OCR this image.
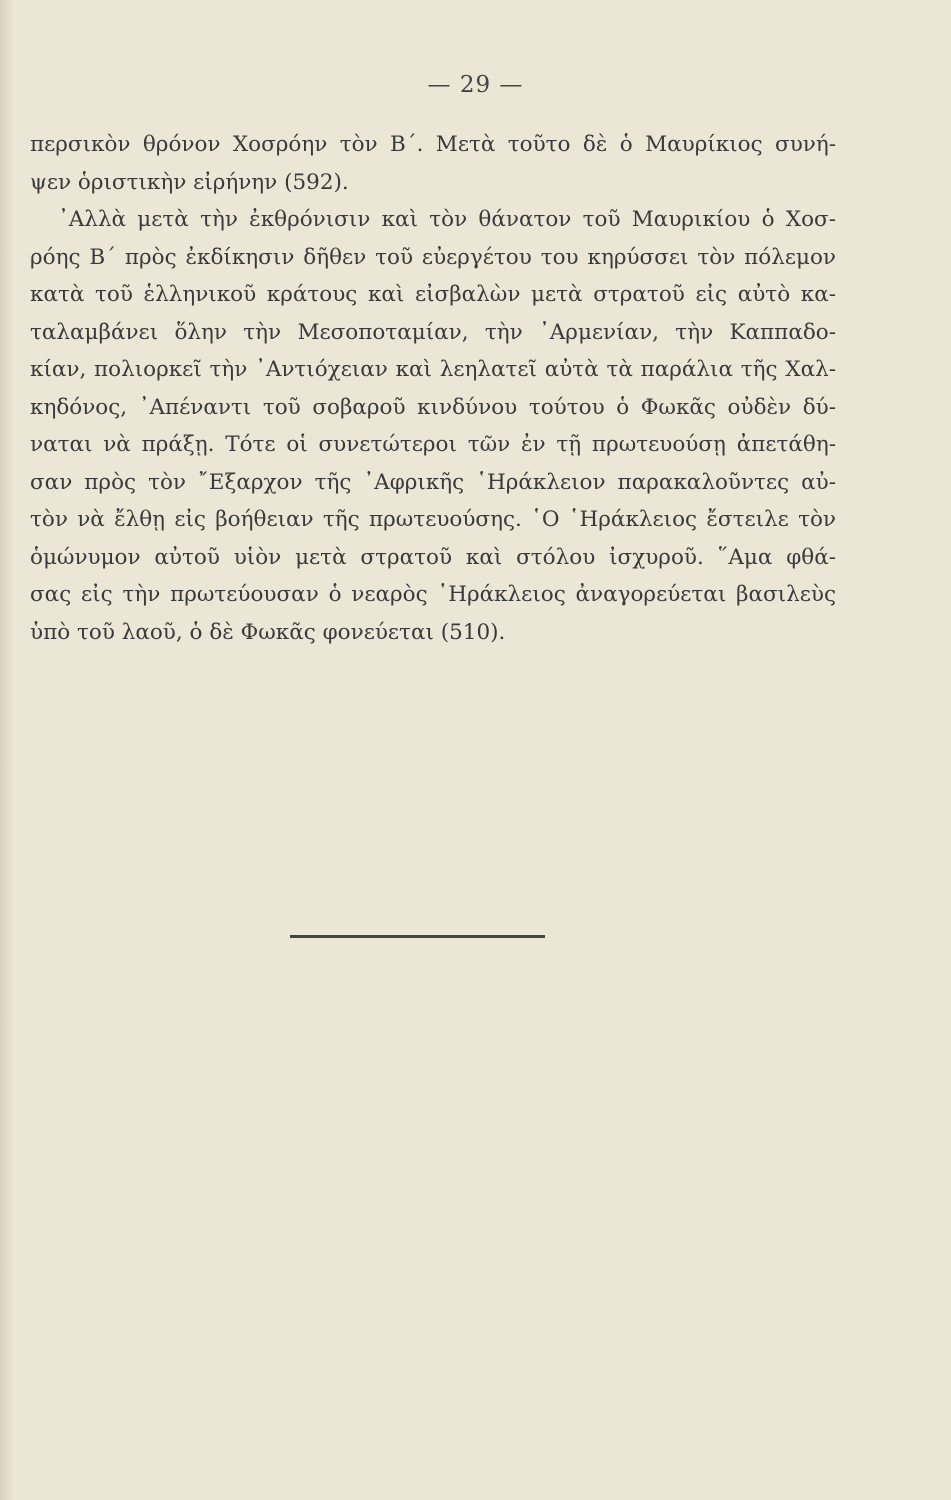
— 29 —
περσικὸν θρόνον Χοσρόην τὸν Β΄. Μετὰ τοῦτο δὲ ὁ Μαυρίκιος συνή-
ψεν ὁριστικὴν εἰρήνην (592).
᾿Αλλὰ μετὰ τὴν ἐκθρόνισιν καὶ τὸν θάνατον τοῦ Μαυρικίου ὁ Χοσ-
ρόης Β΄ πρὸς ἐκδίκησιν δῆθεν τοῦ εὐεργέτου του κηρύσσει τὸν πόλεμον
κατὰ τοῦ ἑλληνικοῦ κράτους καὶ εἰσβαλὼν μετὰ στρατοῦ εἰς αὐτὸ κα-
ταλαμβάνει ὅλην τὴν Μεσοποταμίαν, τὴν ᾿Αρμενίαν, τὴν Καππαδο-
κίαν, πολιορκεῖ τὴν ᾿Αντιόχειαν καὶ λεηλατεῖ αὐτὰ τὰ παράλια τῆς Χαλ-
κηδόνος, ᾿Απέναντι τοῦ σοβαροῦ κινδύνου τούτου ὁ Φωκᾶς οὐδὲν δύ-
ναται νὰ πράξῃ. Τότε οἱ συνετώτεροι τῶν ἐν τῇ πρωτευούσῃ ἀπετάθη-
σαν πρὸς τὸν ῎Εξαρχον τῆς ᾿Αφρικῆς ῾Ηράκλειον παρακαλοῦντες αὐ-
τὸν νὰ ἔλθῃ εἰς βοήθειαν τῆς πρωτευούσης. ῾Ο ῾Ηράκλειος ἔστειλε τὸν
ὁμώνυμον αὐτοῦ υἱὸν μετὰ στρατοῦ καὶ στόλου ἰσχυροῦ. ῞Αμα φθά-
σας εἰς τὴν πρωτεύουσαν ὁ νεαρὸς ῾Ηράκλειος ἀναγορεύεται βασιλεὺς
ὑπὸ τοῦ λαοῦ, ὁ δὲ Φωκᾶς φονεύεται (510).
